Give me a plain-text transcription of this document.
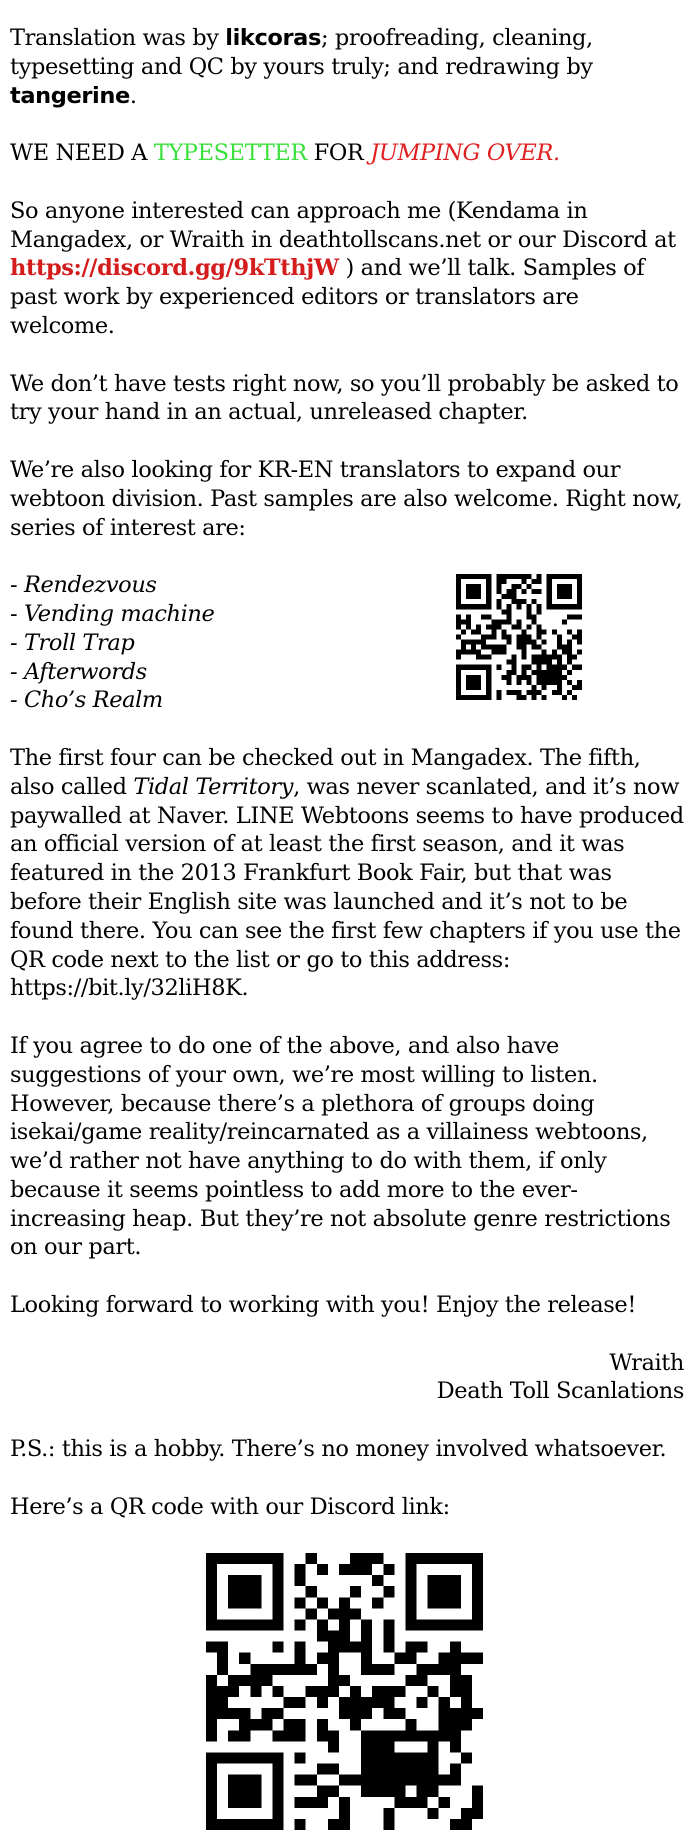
Translation was by likcoras; proofreading, cleaning, typesetting and QC by yours truly; and redrawing by tangerine.

WE NEED A TYPESETTER FOR JUMPING OVER.

So anyone interested can approach me (Kendama in Mangadex, or Wraith in deathtollscans.net or our Discord at https://discord.gg/9kTthjW ) and we’ll talk. Samples of past work by experienced editors or translators are welcome.

We don’t have tests right now, so you’ll probably be asked to try your hand in an actual, unreleased chapter.

We’re also looking for KR-EN translators to expand our webtoon division. Past samples are also welcome. Right now, series of interest are:

- Rendezvous
- Vending machine
- Troll Trap
- Afterwords
- Cho’s Realm

The first four can be checked out in Mangadex. The fifth, also called Tidal Territory, was never scanlated, and it’s now paywalled at Naver. LINE Webtoons seems to have produced an official version of at least the first season, and it was featured in the 2013 Frankfurt Book Fair, but that was before their English site was launched and it’s not to be found there. You can see the first few chapters if you use the QR code next to the list or go to this address: https://bit.ly/32liH8K.

If you agree to do one of the above, and also have suggestions of your own, we’re most willing to listen. However, because there’s a plethora of groups doing isekai/game reality/reincarnated as a villainess webtoons, we’d rather not have anything to do with them, if only because it seems pointless to add more to the ever-increasing heap. But they’re not absolute genre restrictions on our part.

Looking forward to working with you! Enjoy the release!

Wraith
Death Toll Scanlations

P.S.: this is a hobby. There’s no money involved whatsoever.

Here’s a QR code with our Discord link:
